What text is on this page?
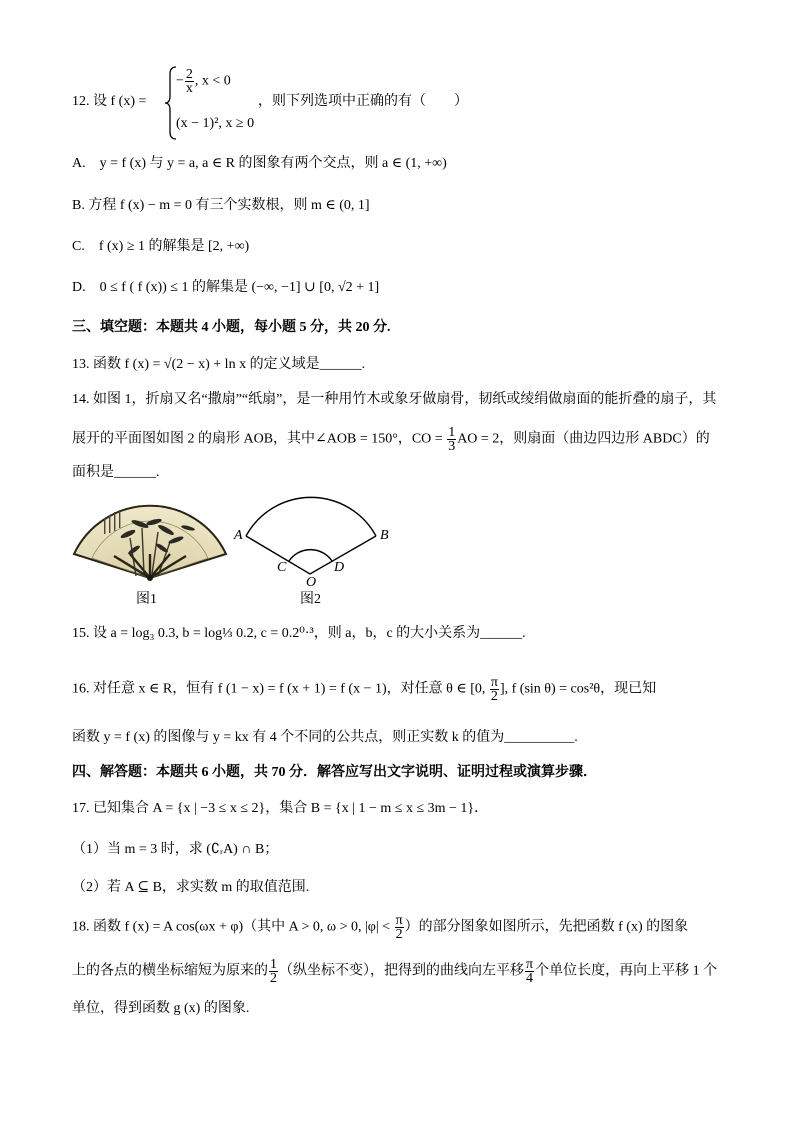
12. 设 f (x) =
− $\frac{2}{x}$ , x < 0
(x − 1)², x ≥ 0
，则下列选项中正确的有（　　）
A.　y = f (x) 与 y = a, a ∈ R 的图象有两个交点，则 a ∈ (1, +∞)
B. 方程 f (x) − m = 0 有三个实数根，则 m ∈ (0, 1]
C.　f (x) ≥ 1 的解集是 [2, +∞)
D.　0 ≤ f ( f (x)) ≤ 1 的解集是 (−∞, −1] ∪ [0, √2 + 1]
三、填空题：本题共 4 小题，每小题 5 分，共 20 分.
13. 函数 f (x) = √(2 − x) + ln x 的定义域是______.
14. 如图 1，折扇又名“撒扇”“纸扇”，是一种用竹木或象牙做扇骨，韧纸或绫绢做扇面的能折叠的扇子，其
展开的平面图如图 2 的扇形 AOB，其中∠AOB = 150°，CO = $\frac{1}{3}$ AO = 2，则扇面（曲边四边形 ABDC）的
面积是______.
图1
A	B
C	D
O
图2
15. 设 a = log₃ 0.3, b = log⅓ 0.2, c = 0.2⁰·³，则 a，b，c 的大小关系为______.
16. 对任意 x ∈ R，恒有 f (1 − x) = f (x + 1) = f (x − 1)，对任意 θ ∈ [0, $\frac{\pi}{2}$ ], f (sin θ) = cos²θ，现已知
函数 y = f (x) 的图像与 y = kx 有 4 个不同的公共点，则正实数 k 的值为__________.
四、解答题：本题共 6 小题，共 70 分．解答应写出文字说明、证明过程或演算步骤．
17. 已知集合 A = {x | −3 ≤ x ≤ 2}，集合 B = {x | 1 − m ≤ x ≤ 3m − 1}．
（1）当 m = 3 时，求 (∁ᵣA) ∩ B；
（2）若 A ⊆ B，求实数 m 的取值范围.
18. 函数 f (x) = A cos(ωx + φ)（其中 A > 0, ω > 0, $|\varphi| < \frac{\pi}{2}$ ）的部分图象如图所示，先把函数 f (x) 的图象
上的各点的横坐标缩短为原来的 $\frac{1}{2}$ （纵坐标不变），把得到的曲线向左平移 $\frac{\pi}{4}$ 个单位长度，再向上平移 1 个
单位，得到函数 g (x) 的图象.
